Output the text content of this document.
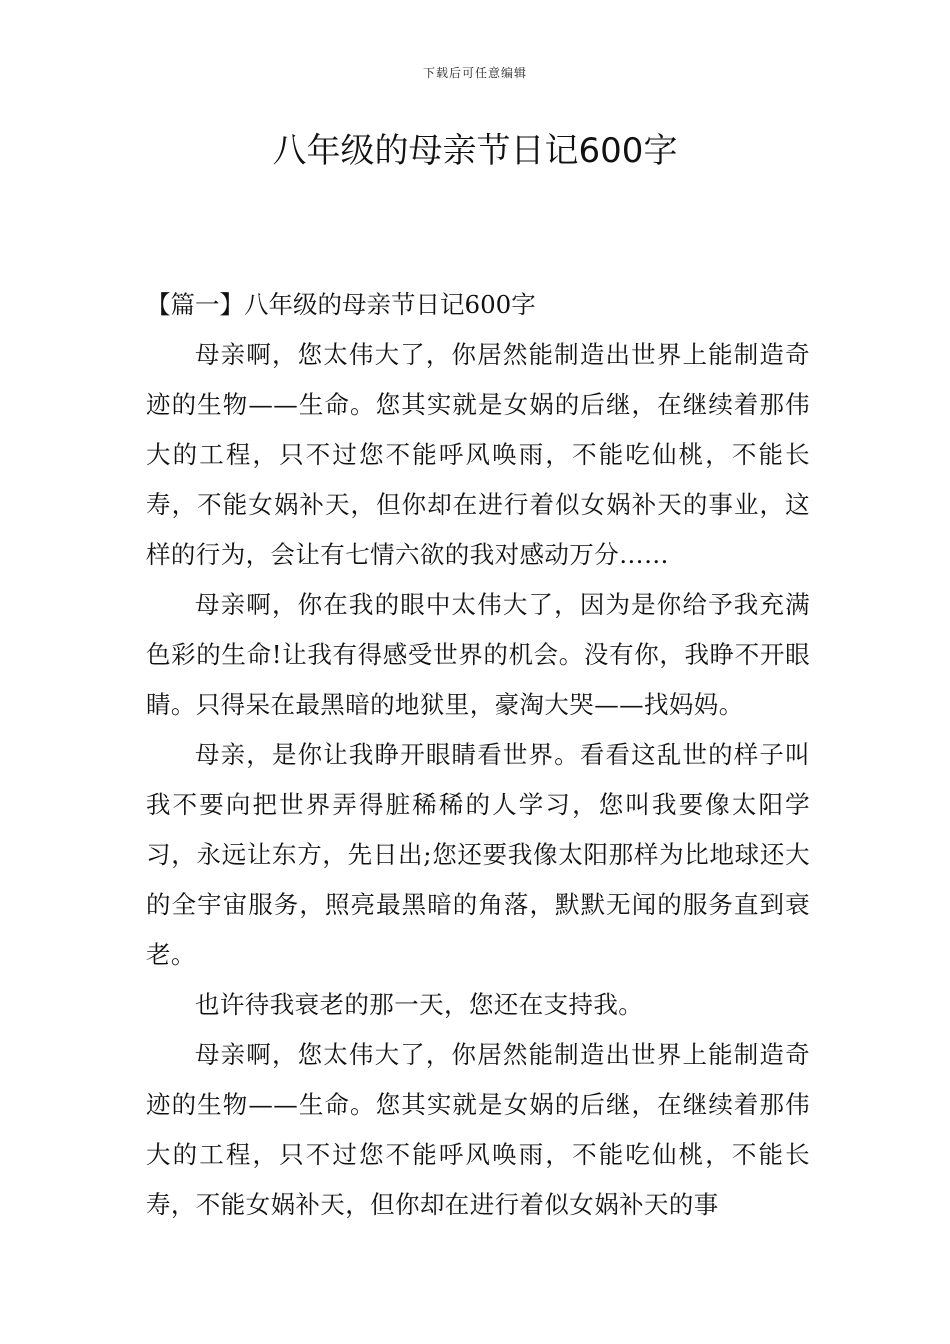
下载后可任意编辑
八年级的母亲节日记600字

【篇一】八年级的母亲节日记600字

母亲啊，您太伟大了，你居然能制造出世界上能制造奇迹的生物——生命。您其实就是女娲的后继，在继续着那伟大的工程，只不过您不能呼风唤雨，不能吃仙桃，不能长寿，不能女娲补天，但你却在进行着似女娲补天的事业，这样的行为，会让有七情六欲的我对感动万分……

母亲啊，你在我的眼中太伟大了，因为是你给予我充满色彩的生命!让我有得感受世界的机会。没有你，我睁不开眼睛。只得呆在最黑暗的地狱里，豪淘大哭——找妈妈。

母亲，是你让我睁开眼睛看世界。看看这乱世的样子叫我不要向把世界弄得脏稀稀的人学习，您叫我要像太阳学习，永远让东方，先日出;您还要我像太阳那样为比地球还大的全宇宙服务，照亮最黑暗的角落，默默无闻的服务直到衰老。

也许待我衰老的那一天，您还在支持我。

母亲啊，您太伟大了，你居然能制造出世界上能制造奇迹的生物——生命。您其实就是女娲的后继，在继续着那伟大的工程，只不过您不能呼风唤雨，不能吃仙桃，不能长寿，不能女娲补天，但你却在进行着似女娲补天的事
